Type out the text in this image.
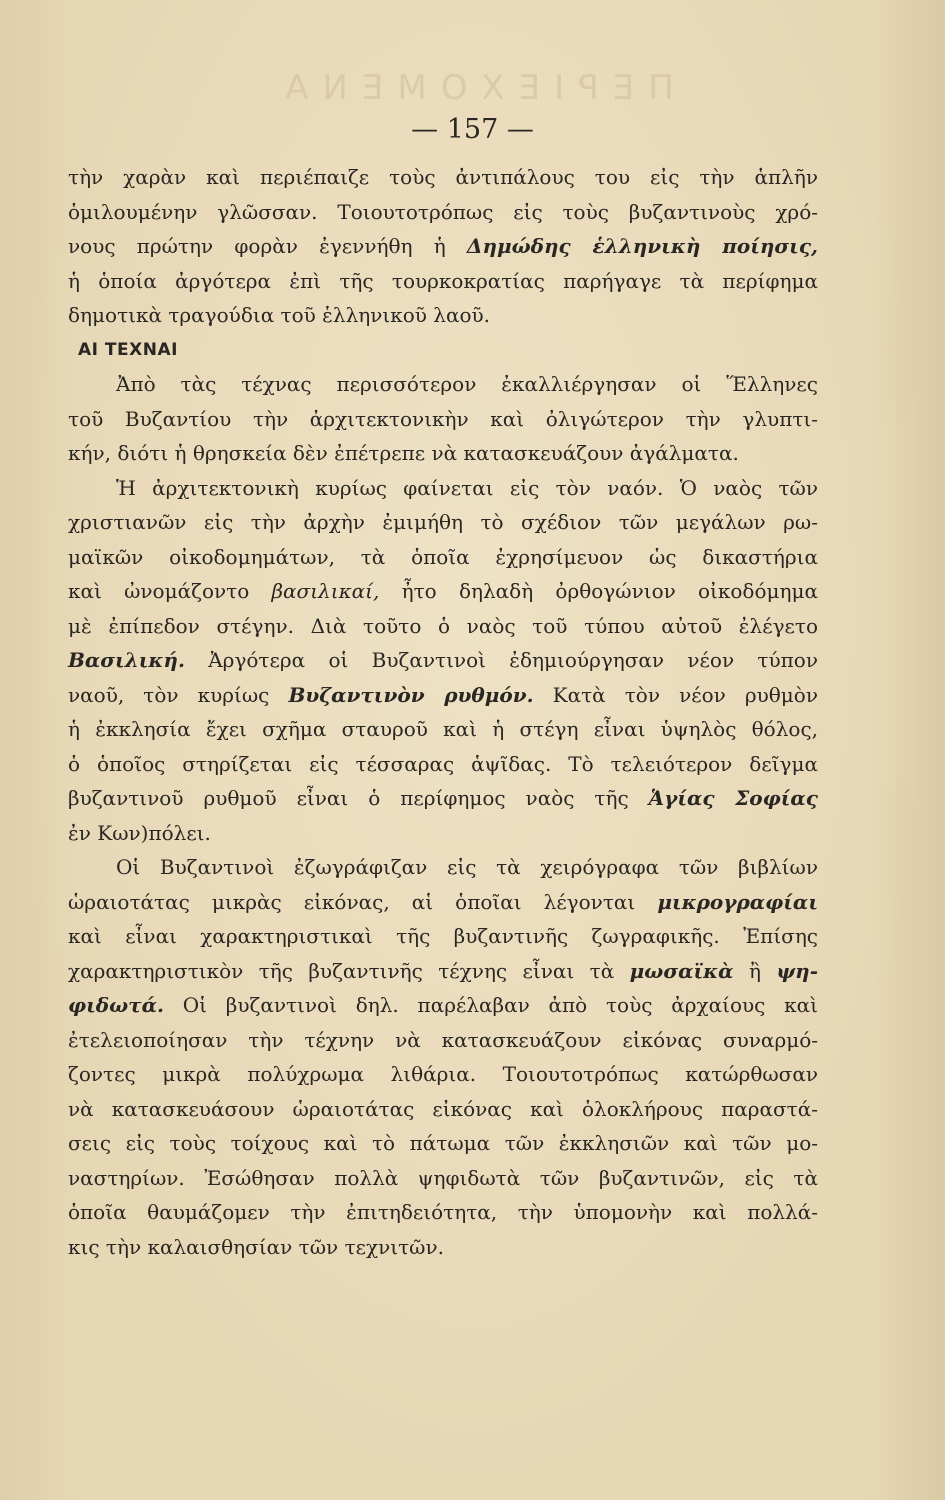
ΠΕΡΙΕΧΟΜΕΝΑ
— 157 —
τὴν χαρὰν καὶ περιέπαιζε τοὺς ἀντιπάλους του εἰς τὴν ἁπλῆν
ὁμιλουμένην γλῶσσαν. Τοιουτοτρόπως εἰς τοὺς βυζαντινοὺς χρό-
νους πρώτην φορὰν ἐγεννήθη ἡ Δημώδης ἑλληνικὴ ποίησις,
ἡ ὁποία ἀργότερα ἐπὶ τῆς τουρκοκρατίας παρήγαγε τὰ περίφημα
δημοτικὰ τραγούδια τοῦ ἑλληνικοῦ λαοῦ.
ΑΙ ΤΕΧΝΑΙ
Ἀπὸ τὰς τέχνας περισσότερον ἐκαλλιέργησαν οἱ Ἕλληνες
τοῦ Βυζαντίου τὴν ἀρχιτεκτονικὴν καὶ ὀλιγώτερον τὴν γλυπτι-
κήν, διότι ἡ θρησκεία δὲν ἐπέτρεπε νὰ κατασκευάζουν ἀγάλματα.
Ἡ ἀρχιτεκτονικὴ κυρίως φαίνεται εἰς τὸν ναόν. Ὁ ναὸς τῶν
χριστιανῶν εἰς τὴν ἀρχὴν ἐμιμήθη τὸ σχέδιον τῶν μεγάλων ρω-
μαϊκῶν οἰκοδομημάτων, τὰ ὁποῖα ἐχρησίμευον ὡς δικαστήρια
καὶ ὠνομάζοντο βασιλικαί, ἦτο δηλαδὴ ὀρθογώνιον οἰκοδόμημα
μὲ ἐπίπεδον στέγην. Διὰ τοῦτο ὁ ναὸς τοῦ τύπου αὐτοῦ ἐλέγετο
Βασιλική. Ἀργότερα οἱ Βυζαντινοὶ ἐδημιούργησαν νέον τύπον
ναοῦ, τὸν κυρίως Βυζαντινὸν ρυθμόν. Κατὰ τὸν νέον ρυθμὸν
ἡ ἐκκλησία ἔχει σχῆμα σταυροῦ καὶ ἡ στέγη εἶναι ὑψηλὸς θόλος,
ὁ ὁποῖος στηρίζεται εἰς τέσσαρας ἁψῖδας. Τὸ τελειότερον δεῖγμα
βυζαντινοῦ ρυθμοῦ εἶναι ὁ περίφημος ναὸς τῆς Ἁγίας Σοφίας
ἐν Κων)πόλει.
Οἱ Βυζαντινοὶ ἐζωγράφιζαν εἰς τὰ χειρόγραφα τῶν βιβλίων
ὡραιοτάτας μικρὰς εἰκόνας, αἱ ὁποῖαι λέγονται μικρογραφίαι
καὶ εἶναι χαρακτηριστικαὶ τῆς βυζαντινῆς ζωγραφικῆς. Ἐπίσης
χαρακτηριστικὸν τῆς βυζαντινῆς τέχνης εἶναι τὰ μωσαϊκὰ ἢ ψη-
φιδωτά. Οἱ βυζαντινοὶ δηλ. παρέλαβαν ἀπὸ τοὺς ἀρχαίους καὶ
ἐτελειοποίησαν τὴν τέχνην νὰ κατασκευάζουν εἰκόνας συναρμό-
ζοντες μικρὰ πολύχρωμα λιθάρια. Τοιουτοτρόπως κατώρθωσαν
νὰ κατασκευάσουν ὡραιοτάτας εἰκόνας καὶ ὁλοκλήρους παραστά-
σεις εἰς τοὺς τοίχους καὶ τὸ πάτωμα τῶν ἐκκλησιῶν καὶ τῶν μο-
ναστηρίων. Ἐσώθησαν πολλὰ ψηφιδωτὰ τῶν βυζαντινῶν, εἰς τὰ
ὁποῖα θαυμάζομεν τὴν ἐπιτηδειότητα, τὴν ὑπομονὴν καὶ πολλά-
κις τὴν καλαισθησίαν τῶν τεχνιτῶν.
